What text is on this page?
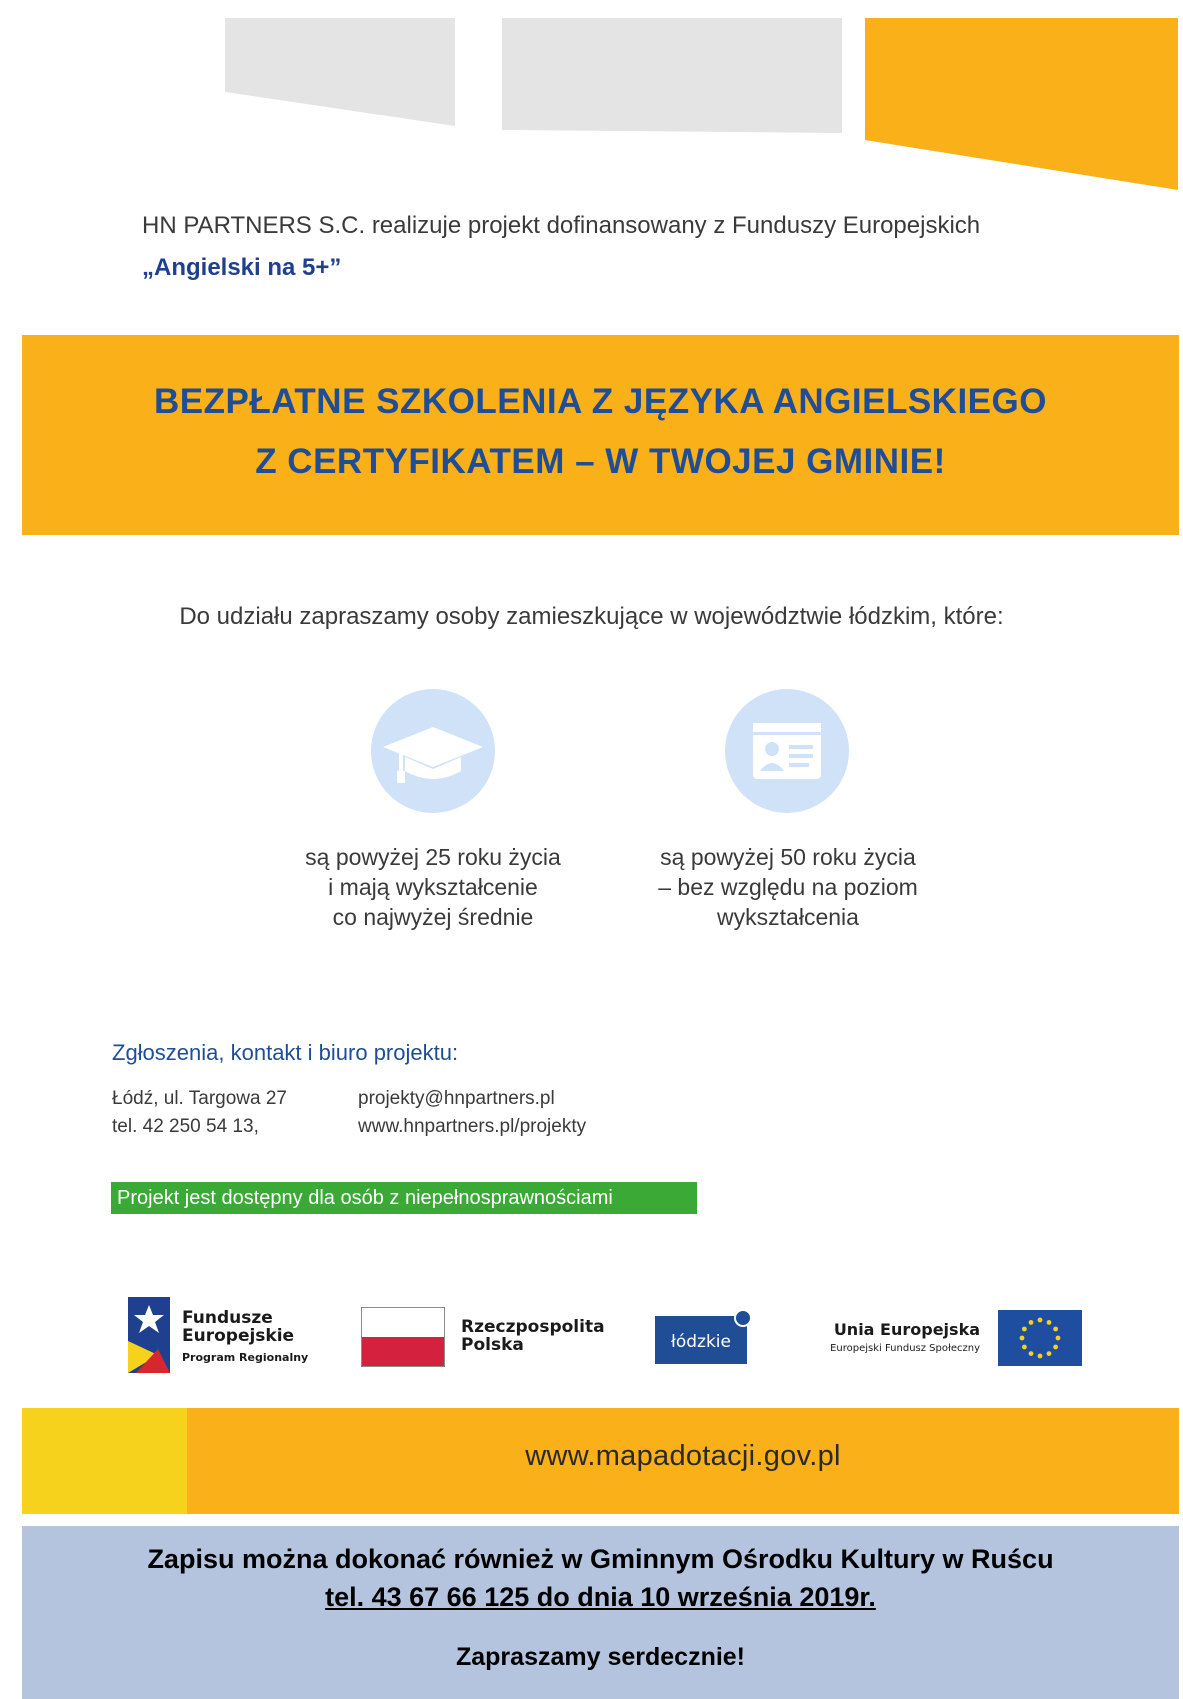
HN PARTNERS S.C. realizuje projekt dofinansowany z Funduszy Europejskich
„Angielski na 5+”
BEZPŁATNE SZKOLENIA Z JĘZYKA ANGIELSKIEGO
Z CERTYFIKATEM – W TWOJEJ GMINIE!
Do udziału zapraszamy osoby zamieszkujące w województwie łódzkim, które:
są powyżej 25 roku życia
i mają wykształcenie
co najwyżej średnie
są powyżej 50 roku życia
– bez względu na poziom
wykształcenia
Zgłoszenia, kontakt i biuro projektu:
Łódź, ul. Targowa 27
tel. 42 250 54 13,
projekty@hnpartners.pl
www.hnpartners.pl/projekty
Projekt jest dostępny dla osób z niepełnosprawnościami
Fundusze
Europejskie
Program Regionalny
Rzeczpospolita
Polska	łódzkie
Unia Europejska
Europejski Fundusz Społeczny
www.mapadotacji.gov.pl
Zapisu można dokonać również w Gminnym Ośrodku Kultury w Ruścu
tel. 43 67 66 125 do dnia 10 września 2019r.
Zapraszamy serdecznie!
